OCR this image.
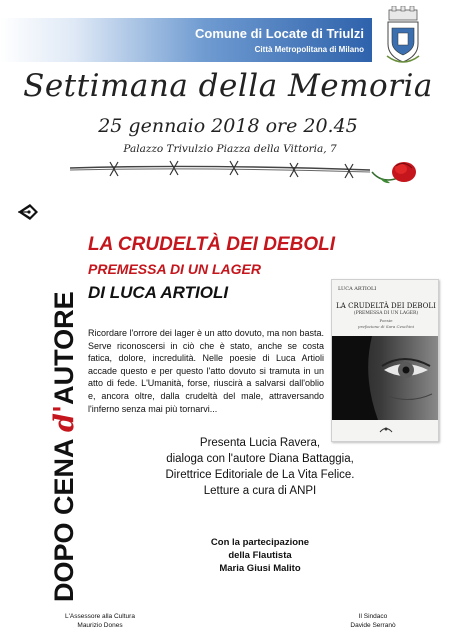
Comune di Locate di Triulzi
Città Metropolitana di Milano
Settimana della Memoria
25 gennaio 2018 ore 20.45
Palazzo Trivulzio Piazza della Vittoria, 7
DOPO CENA d'AUTORE
LA CRUDELTÀ DEI DEBOLI
PREMESSA DI UN LAGER
DI LUCA ARTIOLI	LUCA ARTIOLI
LA CRUDELTÀ DEI DEBOLI
(PREMESSA DI UN LAGER)
Poesie
prefazione di Sara Ceschini
Ricordare l'orrore dei lager è un atto dovuto, ma non basta. Serve riconoscersi in ciò che è stato, anche se costa fatica, dolore, incredulità. Nelle poesie di Luca Artioli accade questo e per questo l'atto dovuto si tramuta in un atto di fede. L'Umanità, forse, riuscirà a salvarsi dall'oblio e, ancora oltre, dalla crudeltà del male, attraversando l'inferno senza mai più tornarvi...
Presenta Lucia Ravera,
dialoga con l'autore Diana Battaggia,
Direttrice Editoriale de La Vita Felice.
Letture a cura di ANPI
Con la partecipazione
della Flautista
Maria Giusi Malito
L'Assessore alla Cultura
Maurizio Dones
Il Sindaco
Davide Serranò
